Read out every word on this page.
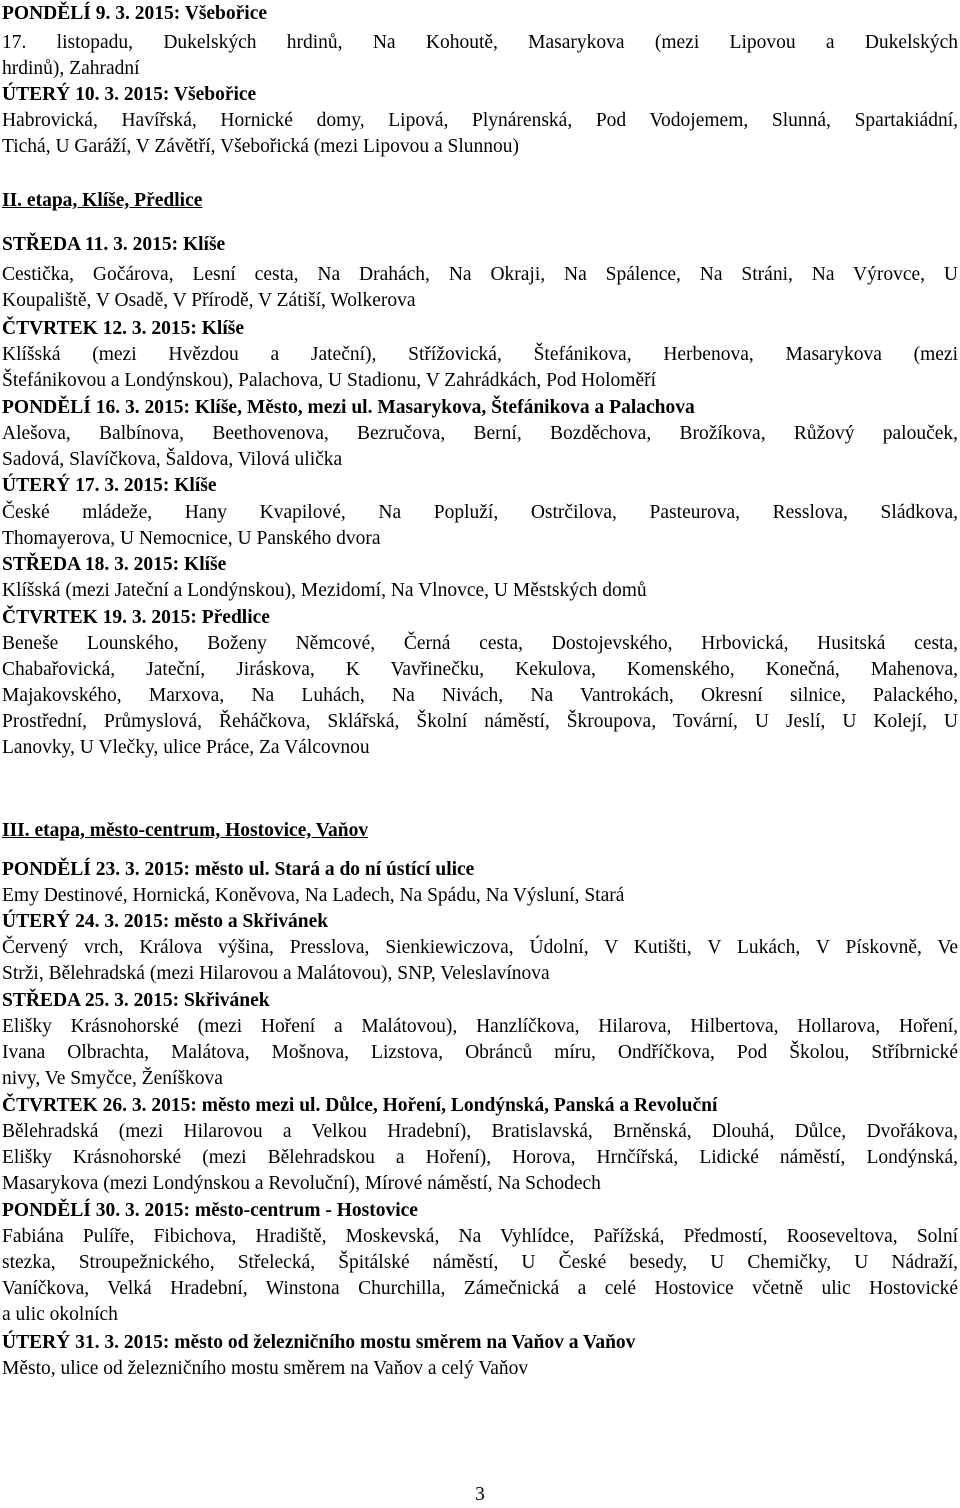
PONDĚLÍ 9. 3. 2015: Všebořice
17. listopadu, Dukelských hrdinů, Na Kohoutě, Masarykova (mezi Lipovou a Dukelských
hrdinů), Zahradní
ÚTERÝ 10. 3. 2015: Všebořice
Habrovická, Havířská, Hornické domy, Lipová, Plynárenská, Pod Vodojemem, Slunná, Spartakiádní,
Tichá, U Garáží, V Závětří, Všebořická (mezi Lipovou a Slunnou)
II. etapa, Klíše, Předlice
STŘEDA 11. 3. 2015: Klíše
Cestička, Gočárova, Lesní cesta, Na Drahách, Na Okraji, Na Spálence, Na Stráni, Na Výrovce, U
Koupaliště, V Osadě, V Přírodě, V Zátiší, Wolkerova
ČTVRTEK 12. 3. 2015: Klíše
Klíšská (mezi Hvězdou a Jateční), Střížovická, Štefánikova, Herbenova, Masarykova (mezi
Štefánikovou a Londýnskou), Palachova, U Stadionu, V Zahrádkách, Pod Holoměří
PONDĚLÍ 16. 3. 2015: Klíše, Město, mezi ul. Masarykova, Štefánikova a Palachova
Alešova, Balbínova, Beethovenova, Bezručova, Berní, Bozděchova, Brožíkova, Růžový palouček,
Sadová, Slavíčkova, Šaldova, Vilová ulička
ÚTERÝ 17. 3. 2015: Klíše
České mládeže, Hany Kvapilové, Na Popluží, Ostrčilova, Pasteurova, Resslova, Sládkova,
Thomayerova, U Nemocnice, U Panského dvora
STŘEDA 18. 3. 2015: Klíše
Klíšská (mezi Jateční a Londýnskou), Mezidomí, Na Vlnovce, U Městských domů
ČTVRTEK 19. 3. 2015: Předlice
Beneše Lounského, Boženy Němcové, Černá cesta, Dostojevského, Hrbovická, Husitská cesta,
Chabařovická, Jateční, Jiráskova, K Vavřinečku, Kekulova, Komenského, Konečná, Mahenova,
Majakovského, Marxova, Na Luhách, Na Nivách, Na Vantrokách, Okresní silnice, Palackého,
Prostřední, Průmyslová, Řeháčkova, Sklářská, Školní náměstí, Škroupova, Tovární, U Jeslí, U Kolejí, U
Lanovky, U Vlečky, ulice Práce, Za Válcovnou
III. etapa, město-centrum, Hostovice, Vaňov
PONDĚLÍ 23. 3. 2015: město ul. Stará a do ní ústící ulice
Emy Destinové, Hornická, Koněvova, Na Ladech, Na Spádu, Na Výsluní, Stará
ÚTERÝ 24. 3. 2015: město a Skřivánek
Červený vrch, Králova výšina, Presslova, Sienkiewiczova, Údolní, V Kutišti, V Lukách, V Pískovně, Ve
Strži, Bělehradská (mezi Hilarovou a Malátovou), SNP, Veleslavínova
STŘEDA 25. 3. 2015: Skřivánek
Elišky Krásnohorské (mezi Hoření a Malátovou), Hanzlíčkova, Hilarova, Hilbertova, Hollarova, Hoření,
Ivana Olbrachta, Malátova, Mošnova, Lizstova, Obránců míru, Ondříčkova, Pod Školou, Stříbrnické
nivy, Ve Smyčce, Ženíškova
ČTVRTEK 26. 3. 2015: město mezi ul. Důlce, Hoření, Londýnská, Panská a Revoluční
Bělehradská (mezi Hilarovou a Velkou Hradební), Bratislavská, Brněnská, Dlouhá, Důlce, Dvořákova,
Elišky Krásnohorské (mezi Bělehradskou a Hoření), Horova, Hrnčířská, Lidické náměstí, Londýnská,
Masarykova (mezi Londýnskou a Revoluční), Mírové náměstí, Na Schodech
PONDĚLÍ 30. 3. 2015: město-centrum - Hostovice
Fabiána Pulíře, Fibichova, Hradiště, Moskevská, Na Vyhlídce, Pařížská, Předmostí, Rooseveltova, Solní
stezka, Stroupežnického, Střelecká, Špitálské náměstí, U České besedy, U Chemičky, U Nádraží,
Vaníčkova, Velká Hradební, Winstona Churchilla, Zámečnická a celé Hostovice včetně ulic Hostovické
a ulic okolních
ÚTERÝ 31. 3. 2015: město od železničního mostu směrem na Vaňov a Vaňov
Město, ulice od železničního mostu směrem na Vaňov a celý Vaňov
3
